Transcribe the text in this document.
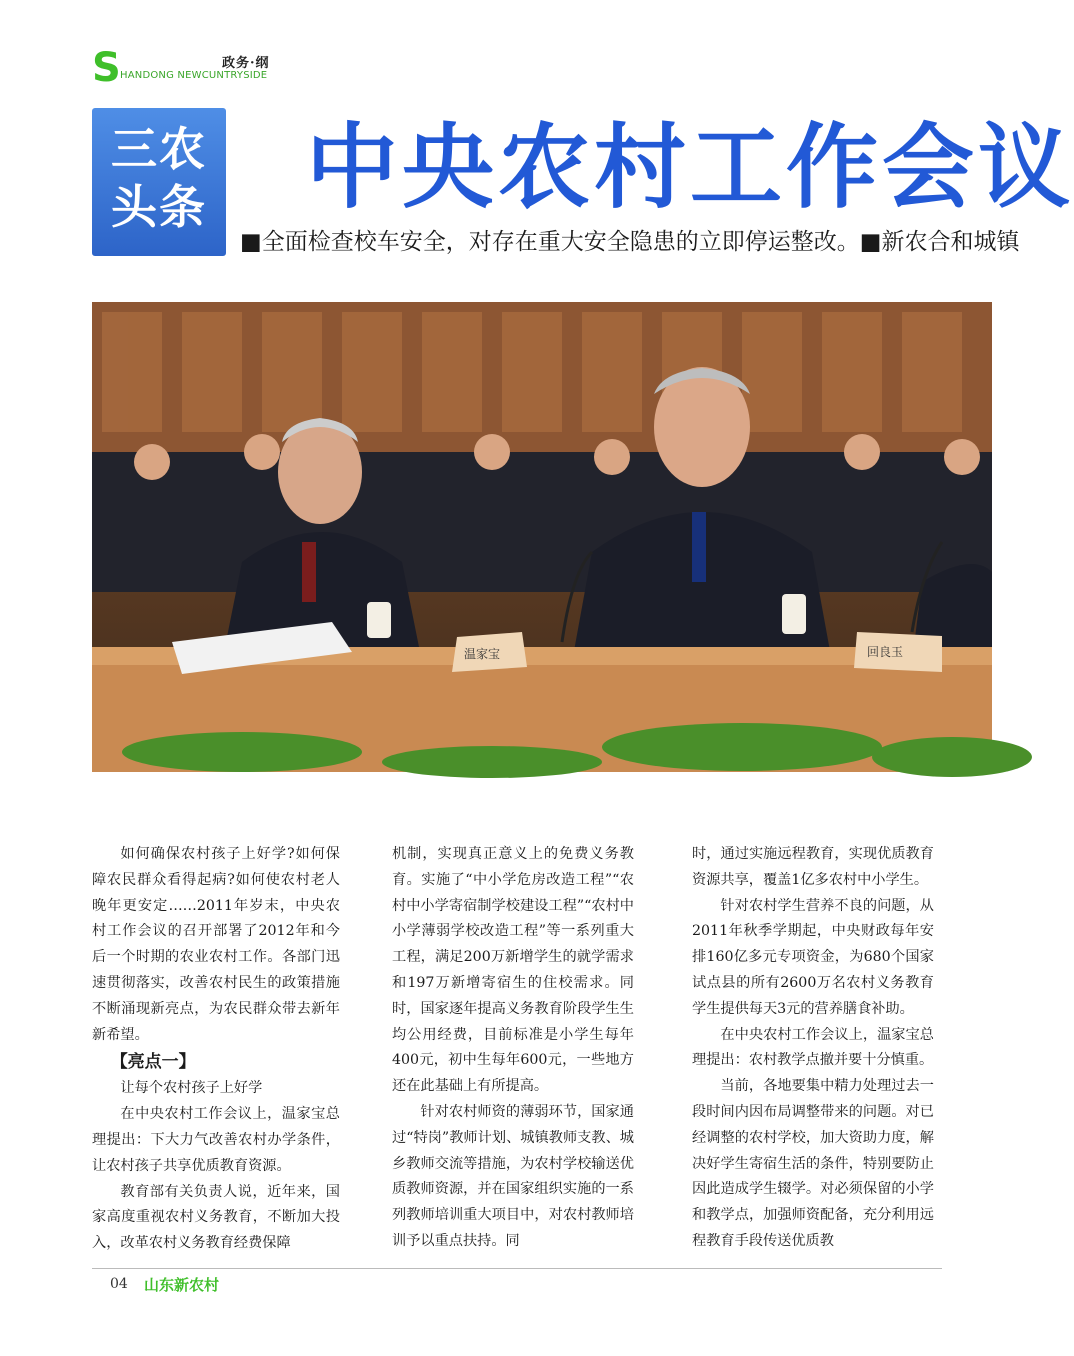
S	政务·纲
HANDONG NEWCUNTRYSIDE
三农
头条 中央农村工作会议
■全面检查校车安全，对存在重大安全隐患的立即停运整改。■新农合和城镇
温家宝	回良玉

如何确保农村孩子上好学?如何保障农民群众看得起病?如何使农村老人晚年更安定……2011年岁末，中央农村工作会议的召开部署了2012年和今后一个时期的农业农村工作。各部门迅速贯彻落实，改善农村民生的政策措施不断涌现新亮点，为农民群众带去新年新希望。

【亮点一】

让每个农村孩子上好学

在中央农村工作会议上，温家宝总理提出：下大力气改善农村办学条件，让农村孩子共享优质教育资源。

教育部有关负责人说，近年来，国家高度重视农村义务教育，不断加大投入，改革农村义务教育经费保障

机制，实现真正意义上的免费义务教育。实施了“中小学危房改造工程”“农村中小学寄宿制学校建设工程”“农村中小学薄弱学校改造工程”等一系列重大工程，满足200万新增学生的就学需求和197万新增寄宿生的住校需求。同时，国家逐年提高义务教育阶段学生生均公用经费，目前标准是小学生每年400元，初中生每年600元，一些地方还在此基础上有所提高。

针对农村师资的薄弱环节，国家通过“特岗”教师计划、城镇教师支教、城乡教师交流等措施，为农村学校输送优质教师资源，并在国家组织实施的一系列教师培训重大项目中，对农村教师培训予以重点扶持。同

时，通过实施远程教育，实现优质教育资源共享，覆盖1亿多农村中小学生。

针对农村学生营养不良的问题，从2011年秋季学期起，中央财政每年安排160亿多元专项资金，为680个国家试点县的所有2600万名农村义务教育学生提供每天3元的营养膳食补助。

在中央农村工作会议上，温家宝总理提出：农村教学点撤并要十分慎重。

当前，各地要集中精力处理过去一段时间内因布局调整带来的问题。对已经调整的农村学校，加大资助力度，解决好学生寄宿生活的条件，特别要防止因此造成学生辍学。对必须保留的小学和教学点，加强师资配备，充分利用远程教育手段传送优质教

04 山东新农村
